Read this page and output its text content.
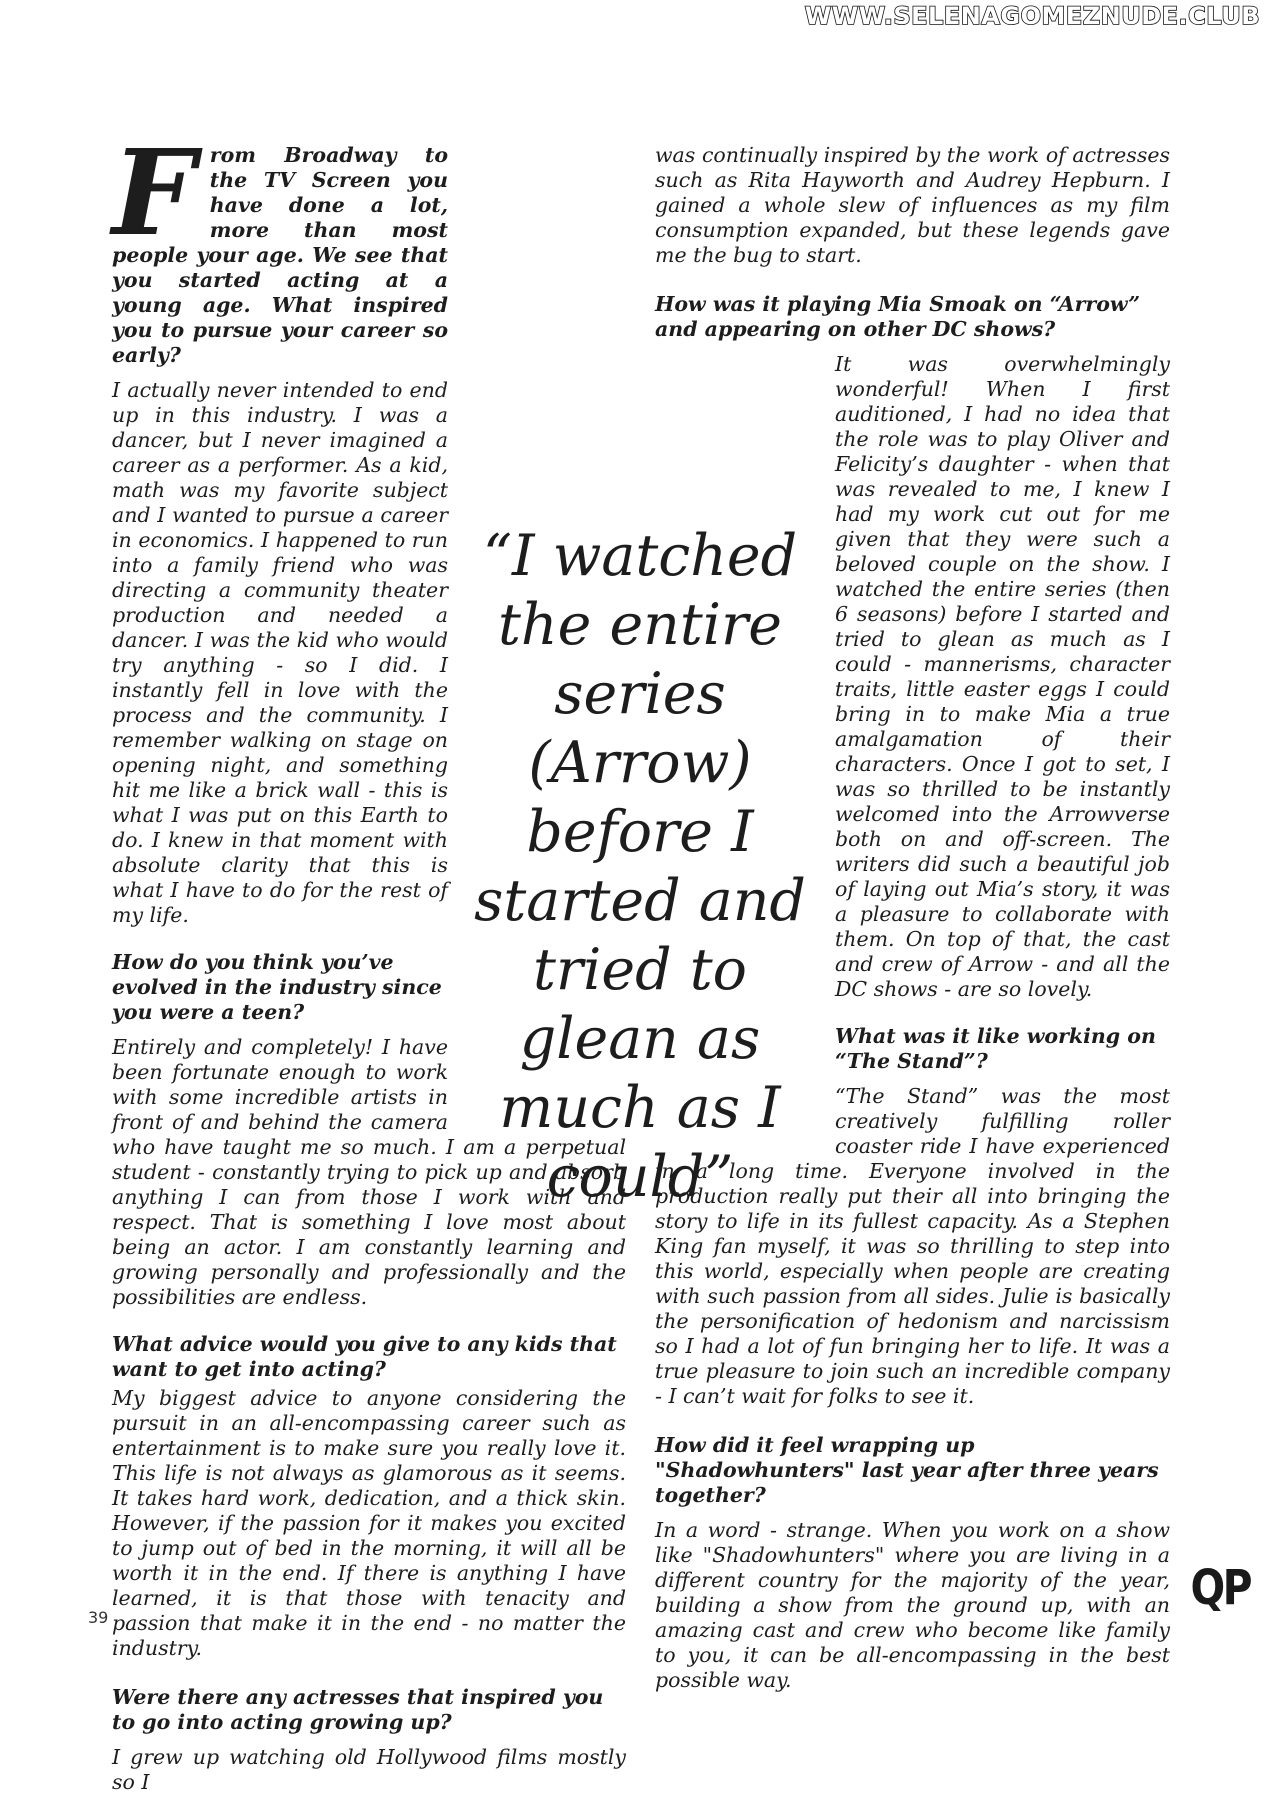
WWW.SELENAGOMEZNUDE.CLUB
F rom Broadway to the TV Screen you have done a lot, more than most people your age. We see that you started acting at a young age. What inspired you to pursue your career so early?

I actually never intended to end up in this industry. I was a dancer, but I never imagined a career as a performer. As a kid, math was my favorite subject and I wanted to pursue a career in economics. I happened to run into a family friend who was directing a community theater production and needed a dancer. I was the kid who would try anything - so I did. I instantly fell in love with the process and the community. I remember walking on stage on opening night, and something hit me like a brick wall - this is what I was put on this Earth to do. I knew in that moment with absolute clarity that this is what I have to do for the rest of my life.

How do you think you’ve evolved in the industry since you were a teen?

Entirely and completely! I have been fortunate enough to work with some incredible artists in front of and behind the camera who have taught me so much. I am a perpetual student - constantly trying to pick up and absorb anything I can from those I work with and respect. That is something I love most about being an actor. I am constantly learning and growing personally and professionally and the possibilities are endless.

What advice would you give to any kids that want to get into acting?

My biggest advice to anyone considering the pursuit in an all-encompassing career such as entertainment is to make sure you really love it. This life is not always as glamorous as it seems. It takes hard work, dedication, and a thick skin. However, if the passion for it makes you excited to jump out of bed in the morning, it will all be worth it in the end. If there is anything I have learned, it is that those with tenacity and passion that make it in the end - no matter the industry.

Were there any actresses that inspired you to go into acting growing up?

I grew up watching old Hollywood films mostly so I

was continually inspired by the work of actresses such as Rita Hayworth and Audrey Hepburn. I gained a whole slew of influences as my film consumption expanded, but these legends gave me the bug to start.

How was it playing Mia Smoak on “Arrow” and appearing on other DC shows?

It was overwhelmingly wonderful! When I first auditioned, I had no idea that the role was to play Oliver and Felicity’s daughter - when that was revealed to me, I knew I had my work cut out for me given that they were such a beloved couple on the show. I watched the entire series (then 6 seasons) before I started and tried to glean as much as I could - mannerisms, character traits, little easter eggs I could bring in to make Mia a true amalgamation of their characters. Once I got to set, I was so thrilled to be instantly welcomed into the Arrowverse both on and off-screen. The writers did such a beautiful job of laying out Mia’s story, it was a pleasure to collaborate with them. On top of that, the cast and crew of Arrow - and all the DC shows - are so lovely.

What was it like working on “The Stand”?

“The Stand” was the most creatively fulfilling roller coaster ride I have experienced in a long time. Everyone involved in the production really put their all into bringing the story to life in its fullest capacity. As a Stephen King fan myself, it was so thrilling to step into this world, especially when people are creating with such passion from all sides. Julie is basically the personification of hedonism and narcissism so I had a lot of fun bringing her to life. It was a true pleasure to join such an incredible company - I can’t wait for folks to see it.

How did it feel wrapping up "Shadowhunters" last year after three years together?

In a word - strange. When you work on a show like "Shadowhunters" where you are living in a different country for the majority of the year, building a show from the ground up, with an amazing cast and crew who become like family to you, it can be all-encompassing in the best possible way.

“I watched the entire series (Arrow) before I started and tried to glean as much as I could”
39
QP
